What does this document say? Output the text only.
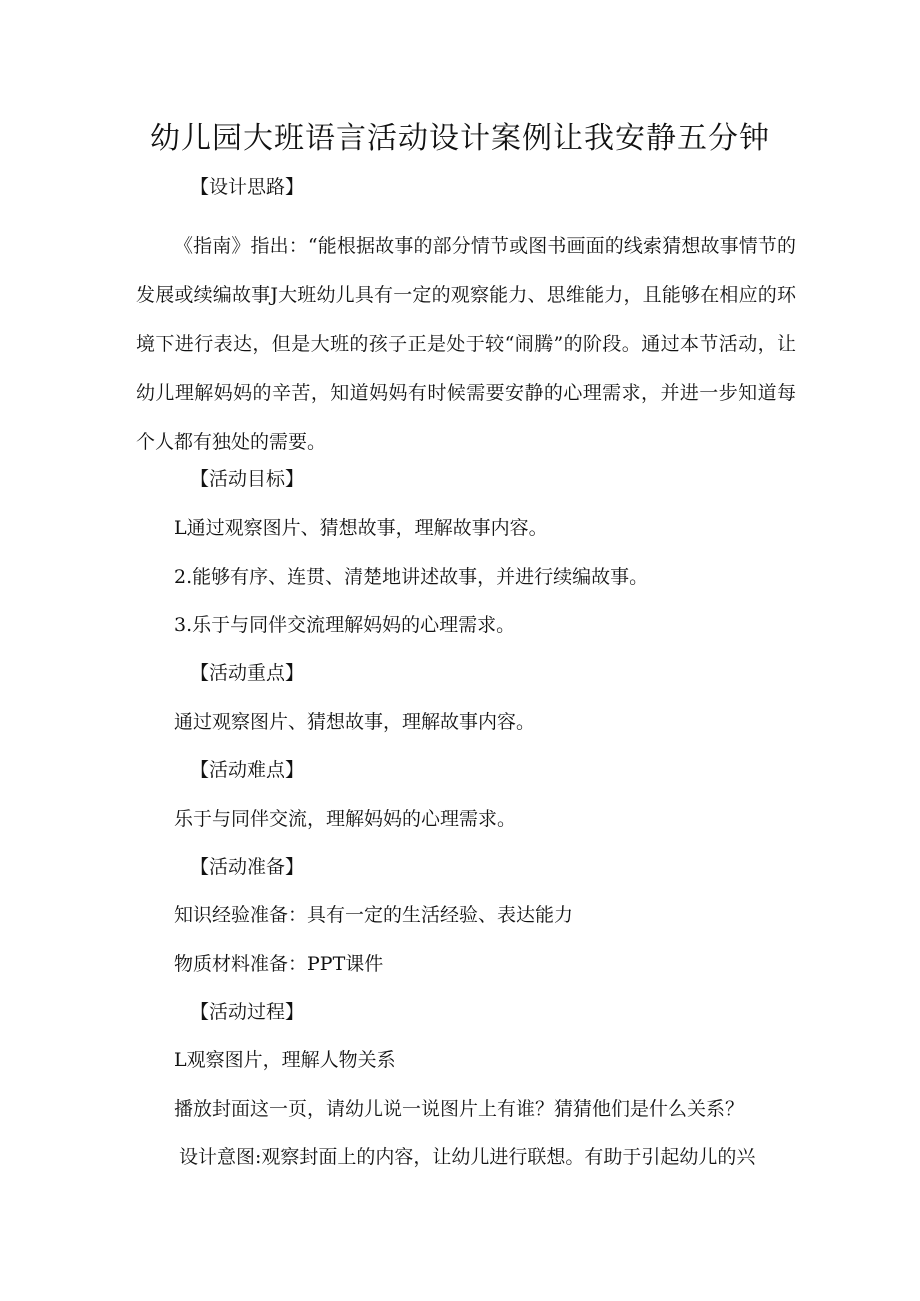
幼儿园大班语言活动设计案例让我安静五分钟
【设计思路】
《指南》指出：“能根据故事的部分情节或图书画面的线索猜想故事情节的发展或续编故事J大班幼儿具有一定的观察能力、思维能力，且能够在相应的环境下进行表达，但是大班的孩子正是处于较“闹腾”的阶段。通过本节活动，让幼儿理解妈妈的辛苦，知道妈妈有时候需要安静的心理需求，并进一步知道每个人都有独处的需要。
【活动目标】
L通过观察图片、猜想故事，理解故事内容。
2.能够有序、连贯、清楚地讲述故事，并进行续编故事。
3.乐于与同伴交流理解妈妈的心理需求。
【活动重点】
通过观察图片、猜想故事，理解故事内容。
【活动难点】
乐于与同伴交流，理解妈妈的心理需求。
【活动准备】
知识经验准备：具有一定的生活经验、表达能力
物质材料准备：PPT课件
【活动过程】
L观察图片，理解人物关系
播放封面这一页，请幼儿说一说图片上有谁？猜猜他们是什么关系？
设计意图:观察封面上的内容，让幼儿进行联想。有助于引起幼儿的兴
